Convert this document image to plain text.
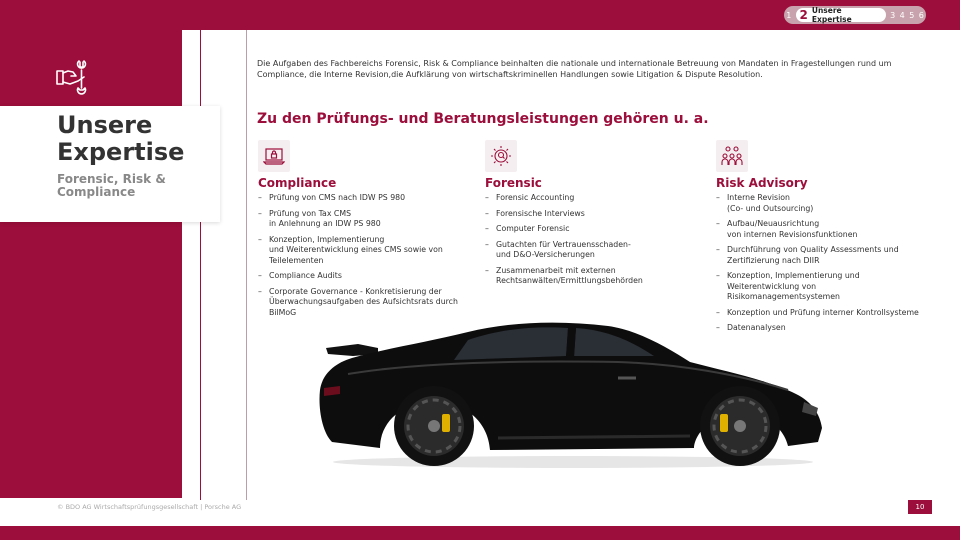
1 2 Unsere Expertise	3 4 5 6
Unsere Expertise
Forensic, Risk & Compliance
Die Aufgaben des Fachbereichs Forensic, Risk & Compliance beinhalten die nationale und internationale Betreuung von Mandaten in Fragestellungen rund um Compliance, die Interne Revision,die Aufklärung von wirtschaftskriminellen Handlungen sowie Litigation & Dispute Resolution.
Zu den Prüfungs- und Beratungsleistungen gehören u. a.
Compliance
– Prüfung von CMS nach IDW PS 980
– Prüfung von Tax CMS
in Anlehnung an IDW PS 980
– Konzeption, Implementierung
und Weiterentwicklung eines CMS sowie von Teilelementen
– Compliance Audits
– Corporate Governance - Konkretisierung der Überwachungsaufgaben des Aufsichtsrats durch BilMoG
Forensic
– Forensic Accounting
– Forensische Interviews
– Computer Forensic
– Gutachten für Vertrauensschaden-
und D&O-Versicherungen
– Zusammenarbeit mit externen Rechtsanwälten/Ermittlungsbehörden
Risk Advisory
– Interne Revision
(Co- und Outsourcing)
– Aufbau/Neuausrichtung
von internen Revisionsfunktionen
– Durchführung von Quality Assessments und Zertifizierung nach DIIR
– Konzeption, Implementierung und Weiterentwicklung von Risikomanagementsystemen
– Konzeption und Prüfung interner Kontrollsysteme
– Datenanalysen
© BDO AG Wirtschaftsprüfungsgesellschaft | Porsche AG	10
